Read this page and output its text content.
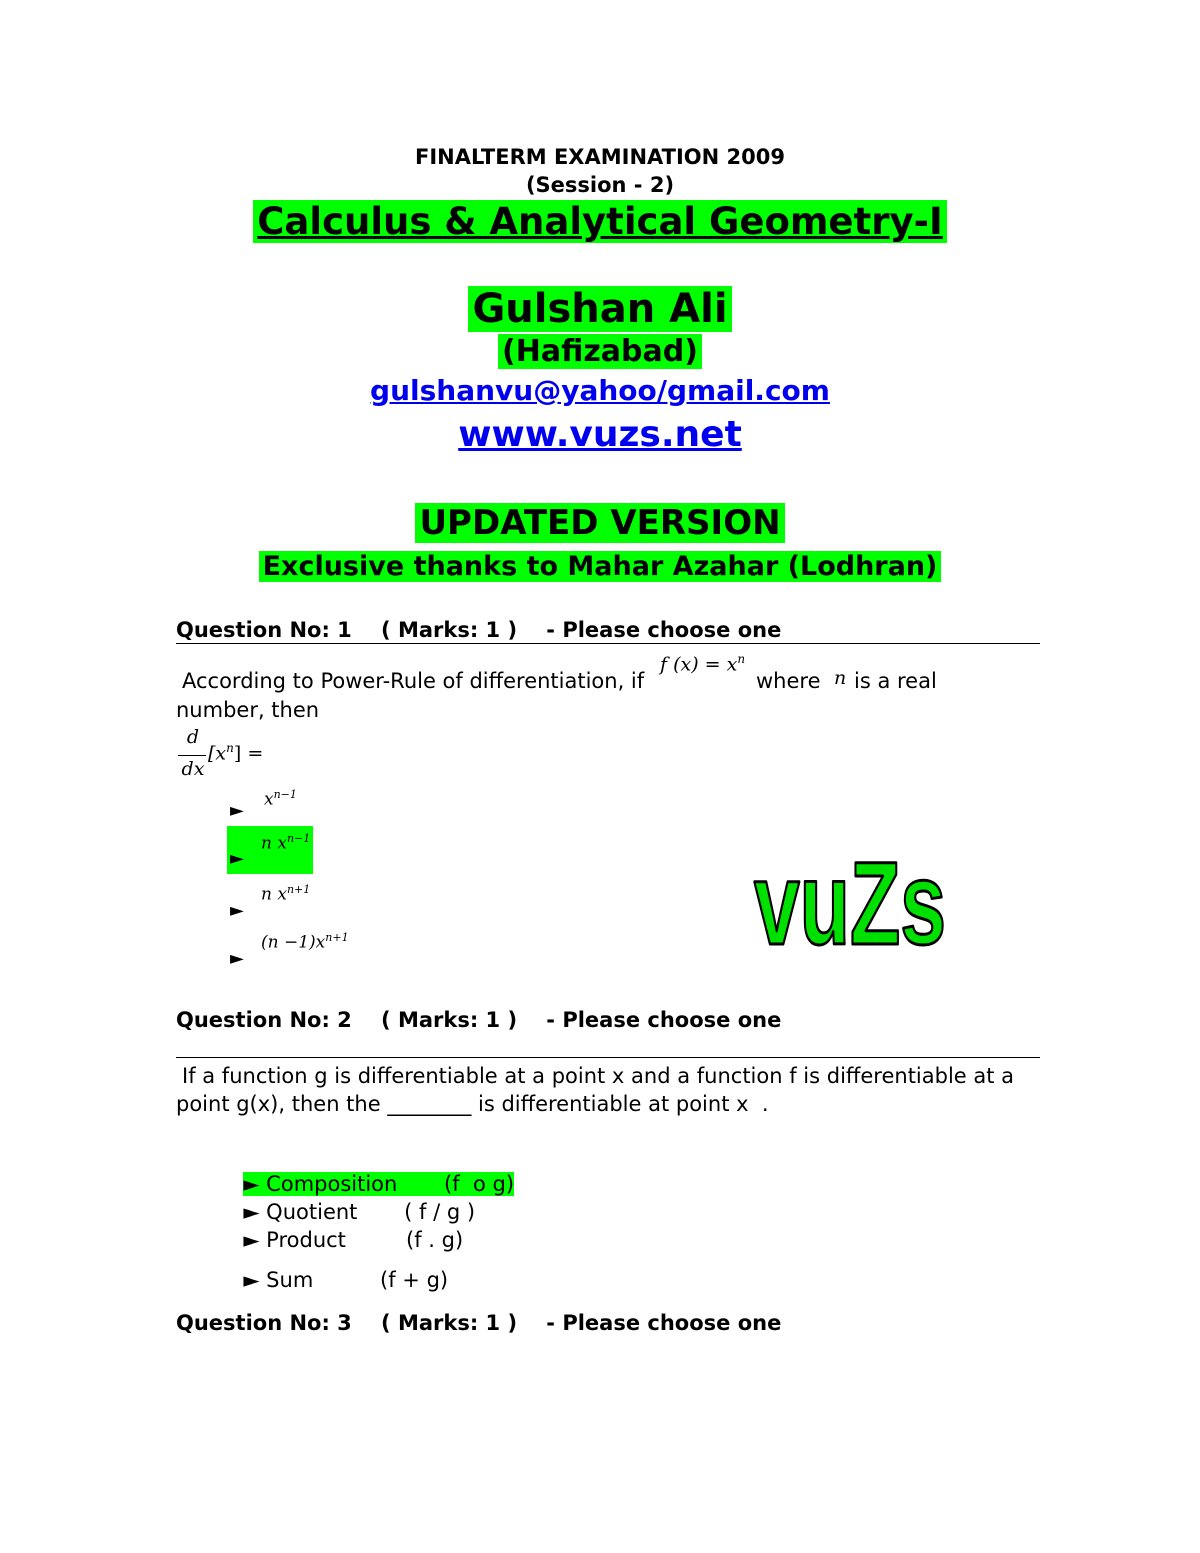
FINALTERM EXAMINATION 2009
(Session - 2)
Calculus & Analytical Geometry-I
Gulshan Ali
(Hafizabad)
gulshanvu@yahoo/gmail.com
www.vuzs.net
UPDATED VERSION
Exclusive thanks to Mahar Azahar (Lodhran)
Question No: 1    ( Marks: 1 )    - Please choose one
According to Power-Rule of differentiation, if
f $(x) = x^n$
where n is a real
number, then
d
dx
$[x^n]$ =
►
$x^{n-1}$
►
n $x^{n-1}$
►
n $x^{n+1}$
►
$(n -1)x^{n+1}$	vuZs
Question No: 2    ( Marks: 1 )    - Please choose one
If a function g is differentiable at a point x and a function f is differentiable at a
point g(x), then the ________ is differentiable at point x  .

► Composition       (f  o g)

► Quotient       ( f / g )

► Product         (f . g)

► Sum          (f + g)

Question No: 3    ( Marks: 1 )    - Please choose one
